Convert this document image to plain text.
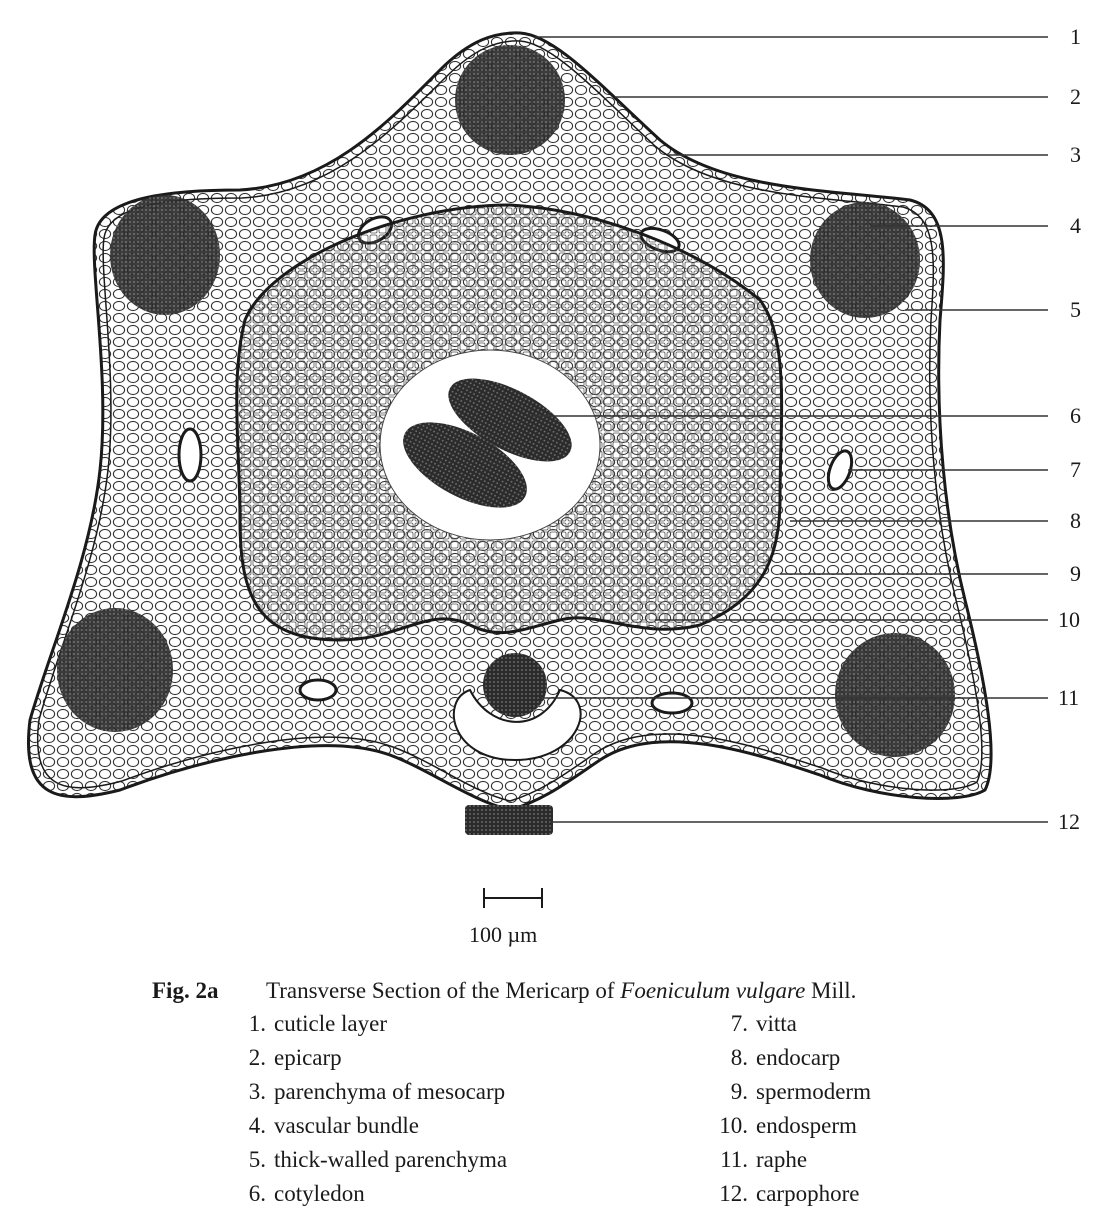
1
2
3
4
5
6
7
8
9
10
11
12
100 µm
Fig. 2a Transverse Section of the Mericarp of Foeniculum vulgare Mill.
1. cuticle layer
2. epicarp
3. parenchyma of mesocarp
4. vascular bundle
5. thick-walled parenchyma
6. cotyledon
7. vitta
8. endocarp
9. spermoderm
10. endosperm
11. raphe
12. carpophore
